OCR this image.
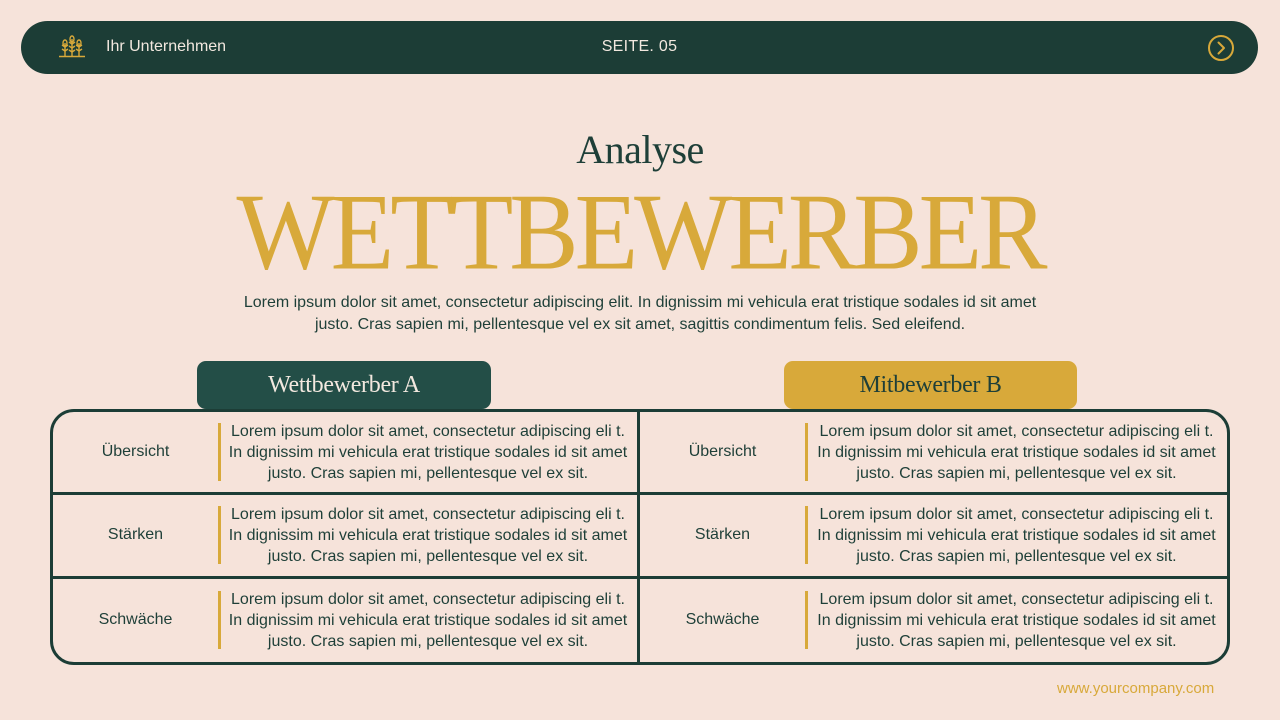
Ihr Unternehmen	SEITE. 05
Analyse
WETTBEWERBER
Lorem ipsum dolor sit amet, consectetur adipiscing elit. In dignissim mi vehicula erat tristique sodales id sit amet justo. Cras sapien mi, pellentesque vel ex sit amet, sagittis condimentum felis. Sed eleifend.
Wettbewerber A	Mitbewerber B
Übersicht
Lorem ipsum dolor sit amet, consectetur adipiscing eli t. In dignissim mi vehicula erat tristique sodales id sit amet justo. Cras sapien mi, pellentesque vel ex sit.
Übersicht
Lorem ipsum dolor sit amet, consectetur adipiscing eli t. In dignissim mi vehicula erat tristique sodales id sit amet justo. Cras sapien mi, pellentesque vel ex sit.
Stärken
Lorem ipsum dolor sit amet, consectetur adipiscing eli t. In dignissim mi vehicula erat tristique sodales id sit amet justo. Cras sapien mi, pellentesque vel ex sit.
Stärken
Lorem ipsum dolor sit amet, consectetur adipiscing eli t. In dignissim mi vehicula erat tristique sodales id sit amet justo. Cras sapien mi, pellentesque vel ex sit.
Schwäche
Lorem ipsum dolor sit amet, consectetur adipiscing eli t. In dignissim mi vehicula erat tristique sodales id sit amet justo. Cras sapien mi, pellentesque vel ex sit.
Schwäche
Lorem ipsum dolor sit amet, consectetur adipiscing eli t. In dignissim mi vehicula erat tristique sodales id sit amet justo. Cras sapien mi, pellentesque vel ex sit.
www.yourcompany.com
